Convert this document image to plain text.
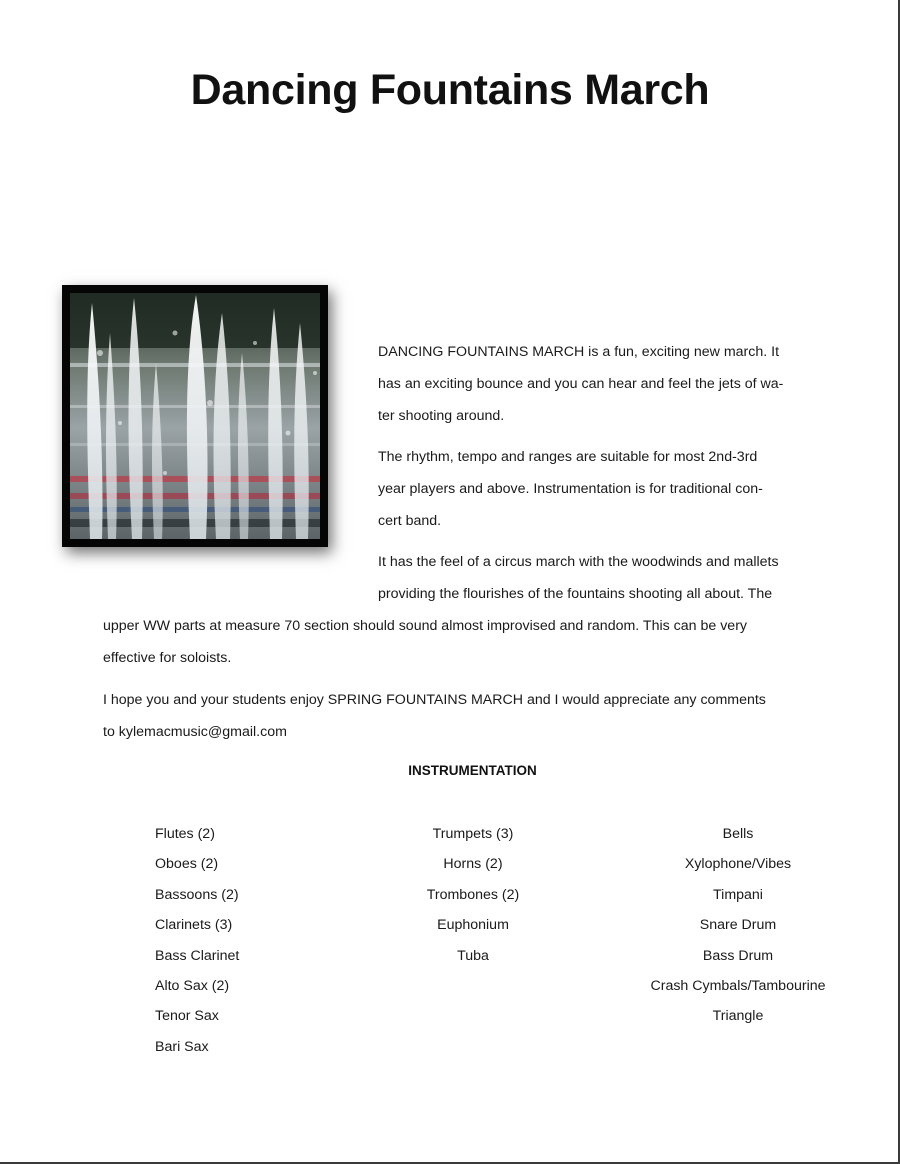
Dancing Fountains March

DANCING FOUNTAINS MARCH is a fun, exciting new march. It
has an exciting bounce and you can hear and feel the jets of wa-
ter shooting around.

The rhythm, tempo and ranges are suitable for most 2nd-3rd
year players and above. Instrumentation is for traditional con-
cert band.

It has the feel of a circus march with the woodwinds and mallets
providing the flourishes of the fountains shooting all about. The

upper WW parts at measure 70 section should sound almost improvised and random. This can be very
effective for soloists.

I hope you and your students enjoy SPRING FOUNTAINS MARCH and I would appreciate any comments
to kylemacmusic@gmail.com

INSTRUMENTATION
Flutes (2)
Oboes (2)
Bassoons (2)
Clarinets (3)
Bass Clarinet
Alto Sax (2)
Tenor Sax
Bari Sax
Trumpets (3)
Horns (2)
Trombones (2)
Euphonium
Tuba
Bells
Xylophone/Vibes
Timpani
Snare Drum
Bass Drum
Crash Cymbals/Tambourine
Triangle
